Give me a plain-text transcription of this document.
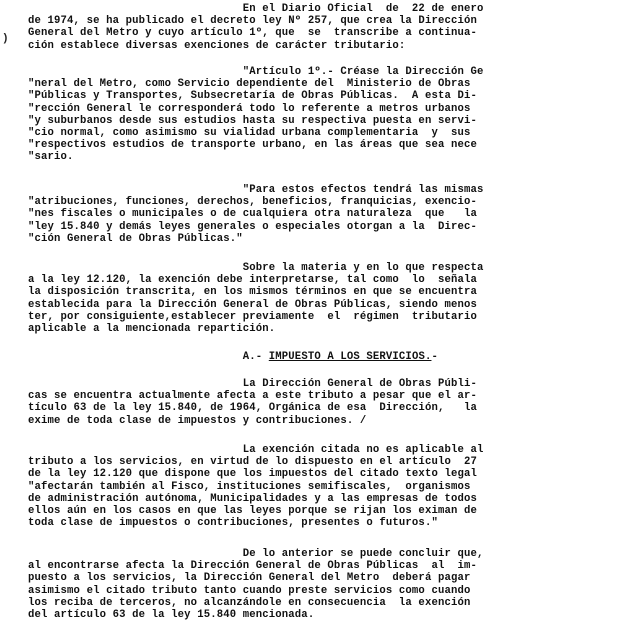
)
En el Diario Oficial  de  22 de enero
de 1974, se ha publicado el decreto ley Nº 257, que crea la Dirección
General del Metro y cuyo artículo 1º, que  se  transcribe a continua-
ción establece diversas exenciones de carácter tributario:
"Artículo 1º.- Créase la Dirección Ge
"neral del Metro, como Servicio dependiente del  Ministerio de Obras
"Públicas y Transportes, Subsecretaría de Obras Públicas.  A esta Di-
"rección General le corresponderá todo lo referente a metros urbanos
"y suburbanos desde sus estudios hasta su respectiva puesta en servi-
"cio normal, como asimismo su vialidad urbana complementaria  y  sus
"respectivos estudios de transporte urbano, en las áreas que sea nece
"sario.
"Para estos efectos tendrá las mismas
"atribuciones, funciones, derechos, beneficios, franquicias, exencio-
"nes fiscales o municipales o de cualquiera otra naturaleza  que   la
"ley 15.840 y demás leyes generales o especiales otorgan a la  Direc-
"ción General de Obras Públicas."
Sobre la materia y en lo que respecta
a la ley 12.120, la exención debe interpretarse, tal como  lo  señala
la disposición transcrita, en los mismos términos en que se encuentra
establecida para la Dirección General de Obras Públicas, siendo menos
ter, por consiguiente,establecer previamente  el  régimen  tributario
aplicable a la mencionada repartición.
A.- IMPUESTO A LOS SERVICIOS.-
La Dirección General de Obras Públi-
cas se encuentra actualmente afecta a este tributo a pesar que el ar-
tículo 63 de la ley 15.840, de 1964, Orgánica de esa  Dirección,   la
exime de toda clase de impuestos y contribuciones. /
La exención citada no es aplicable al
tributo a los servicios, en virtud de lo dispuesto en el artículo  27
de la ley 12.120 que dispone que los impuestos del citado texto legal
"afectarán también al Fisco, instituciones semifiscales,  organismos
de administración autónoma, Municipalidades y a las empresas de todos
ellos aún en los casos en que las leyes porque se rijan los eximan de
toda clase de impuestos o contribuciones, presentes o futuros."
De lo anterior se puede concluir que,
al encontrarse afecta la Dirección General de Obras Públicas  al  im-
puesto a los servicios, la Dirección General del Metro  deberá pagar
asimismo el citado tributo tanto cuando preste servicios como cuando
los reciba de terceros, no alcanzándole en consecuencia  la exención
del artículo 63 de la ley 15.840 mencionada.
